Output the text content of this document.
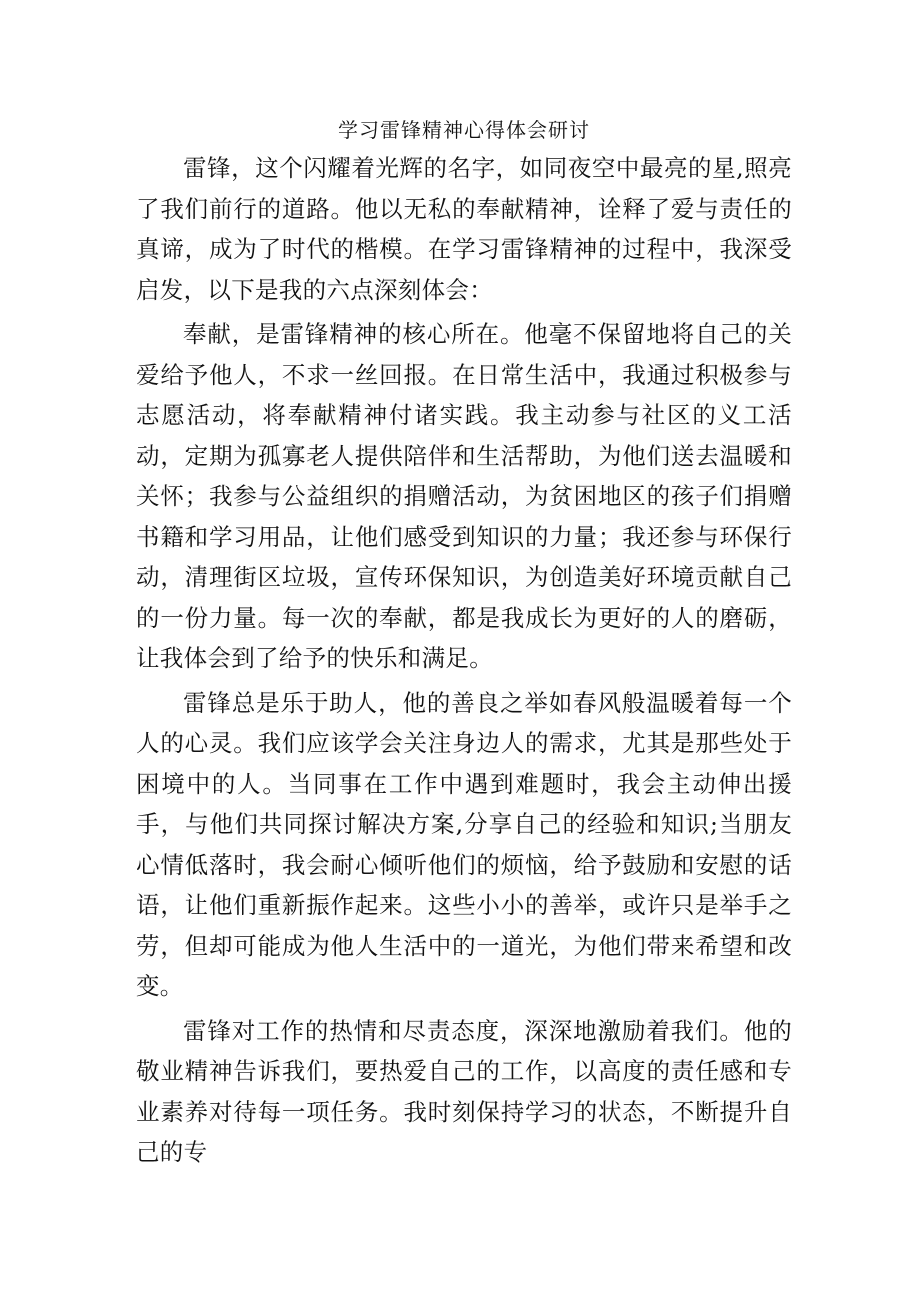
学习雷锋精神心得体会研讨

雷锋，这个闪耀着光辉的名字，如同夜空中最亮的星,照亮了我们前行的道路。他以无私的奉献精神，诠释了爱与责任的真谛，成为了时代的楷模。在学习雷锋精神的过程中，我深受启发，以下是我的六点深刻体会：

奉献，是雷锋精神的核心所在。他毫不保留地将自己的关爱给予他人，不求一丝回报。在日常生活中，我通过积极参与志愿活动，将奉献精神付诸实践。我主动参与社区的义工活动，定期为孤寡老人提供陪伴和生活帮助，为他们送去温暖和关怀；我参与公益组织的捐赠活动，为贫困地区的孩子们捐赠书籍和学习用品，让他们感受到知识的力量；我还参与环保行动，清理街区垃圾，宣传环保知识，为创造美好环境贡献自己的一份力量。每一次的奉献，都是我成长为更好的人的磨砺，让我体会到了给予的快乐和满足。

雷锋总是乐于助人，他的善良之举如春风般温暖着每一个人的心灵。我们应该学会关注身边人的需求，尤其是那些处于困境中的人。当同事在工作中遇到难题时，我会主动伸出援手，与他们共同探讨解决方案,分享自己的经验和知识;当朋友心情低落时，我会耐心倾听他们的烦恼，给予鼓励和安慰的话语，让他们重新振作起来。这些小小的善举，或许只是举手之劳，但却可能成为他人生活中的一道光，为他们带来希望和改变。

雷锋对工作的热情和尽责态度，深深地激励着我们。他的敬业精神告诉我们，要热爱自己的工作，以高度的责任感和专业素养对待每一项任务。我时刻保持学习的状态，不断提升自己的专
